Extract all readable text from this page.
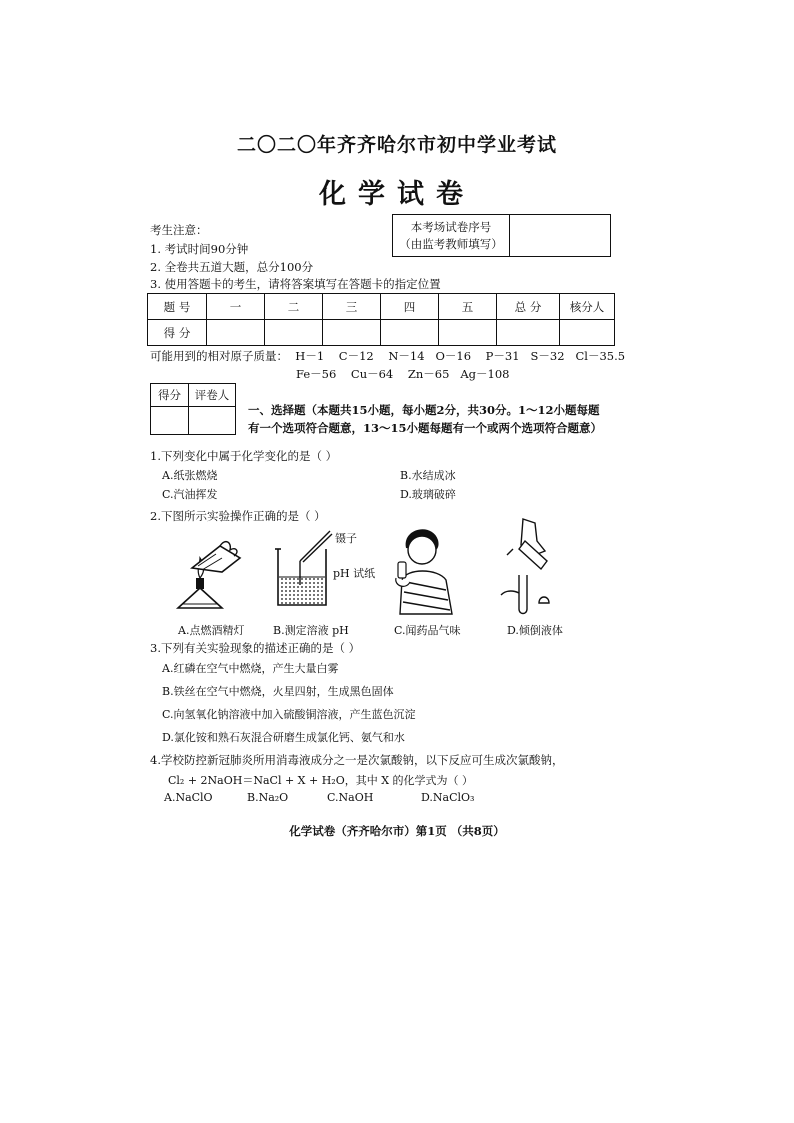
二〇二〇年齐齐哈尔市初中学业考试
化学试卷
考生注意：
1. 考试时间90分钟
2. 全卷共五道大题，总分100分
3. 使用答题卡的考生，请将答案填写在答题卡的指定位置
本考场试卷序号
（由监考教师填写）

题 号	一	二	三	四	五	总 分	核分人
得 分							
可能用到的相对原子质量：  H－1    C－12    N－14   O－16    P－31   S－32   Cl－35.5
Fe－56    Cu－64    Zn－65   Ag－108
得分	评卷人

一、选择题（本题共15小题，每小题2分，共30分。1～12小题每题
有一个选项符合题意，13～15小题每题有一个或两个选项符合题意）
1.下列变化中属于化学变化的是（ ）
A.纸张燃烧	B.水结成冰
C.汽油挥发	D.玻璃破碎
2.下图所示实验操作正确的是（ ）
镊子
pH 试纸
A.点燃酒精灯	B.测定溶液 pH	C.闻药品气味	D.倾倒液体
3.下列有关实验现象的描述正确的是（ ）
A.红磷在空气中燃烧，产生大量白雾
B.铁丝在空气中燃烧，火星四射，生成黑色固体
C.向氢氧化钠溶液中加入硫酸铜溶液，产生蓝色沉淀
D.氯化铵和熟石灰混合研磨生成氯化钙、氨气和水
4.学校防控新冠肺炎所用消毒液成分之一是次氯酸钠，以下反应可生成次氯酸钠，
Cl₂ + 2NaOH＝NaCl + X + H₂O，其中 X 的化学式为（ ）
A.NaClO	B.Na₂O	C.NaOH	D.NaClO₃
化学试卷（齐齐哈尔市）第1页 （共8页）
